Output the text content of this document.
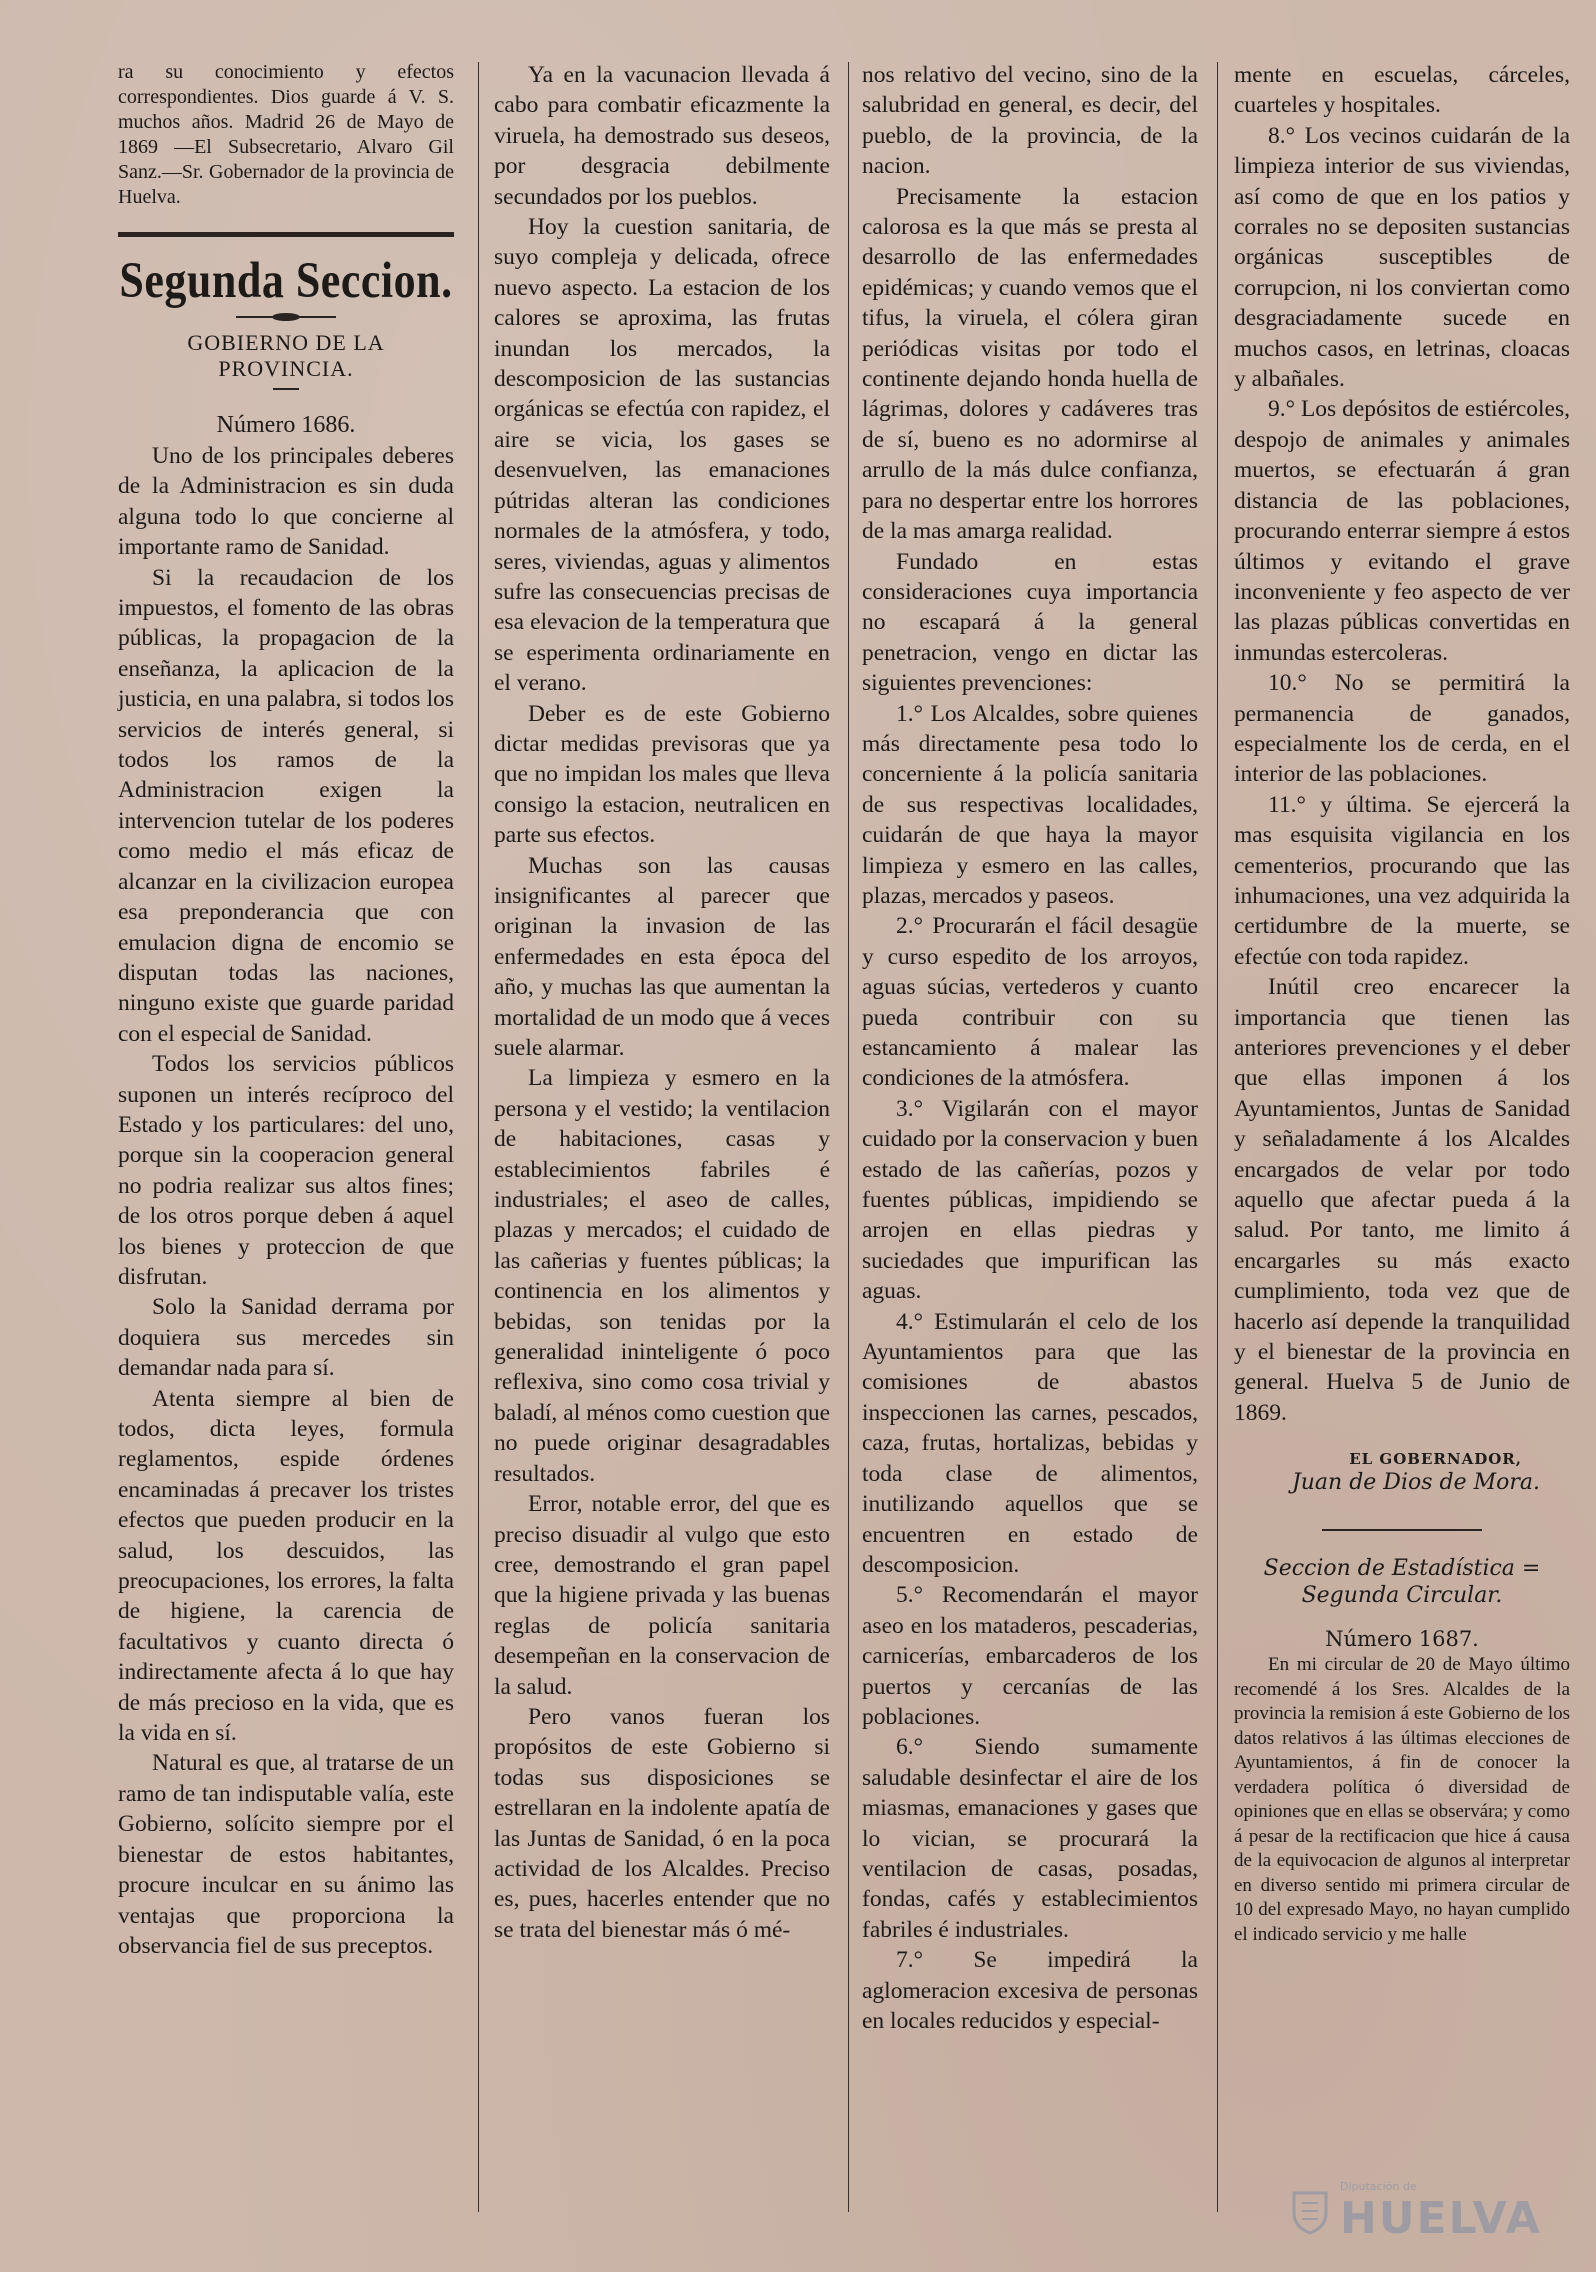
ra su conocimiento y efectos correspondientes. Dios guarde á V. S. muchos años. Madrid 26 de Mayo de 1869 —El Subsecretario, Alvaro Gil Sanz.—Sr. Gobernador de la provincia de Huelva.

Segunda Seccion.
GOBIERNO DE LA PROVINCIA.
Número 1686.

Uno de los principales deberes de la Administracion es sin duda alguna todo lo que concierne al importante ramo de Sanidad.

Si la recaudacion de los impuestos, el fomento de las obras públicas, la propagacion de la enseñanza, la aplicacion de la justicia, en una palabra, si todos los servicios de interés general, si todos los ramos de la Administracion exigen la intervencion tutelar de los poderes como medio el más eficaz de alcanzar en la civilizacion europea esa preponderancia que con emulacion digna de encomio se disputan todas las naciones, ninguno existe que guarde paridad con el especial de Sanidad.

Todos los servicios públicos suponen un interés recíproco del Estado y los particulares: del uno, porque sin la cooperacion general no podria realizar sus altos fines; de los otros porque deben á aquel los bienes y proteccion de que disfrutan.

Solo la Sanidad derrama por doquiera sus mercedes sin demandar nada para sí.

Atenta siempre al bien de todos, dicta leyes, formula reglamentos, espide órdenes encaminadas á precaver los tristes efectos que pueden producir en la salud, los descuidos, las preocupaciones, los errores, la falta de higiene, la carencia de facultativos y cuanto directa ó indirectamente afecta á lo que hay de más precioso en la vida, que es la vida en sí.

Natural es que, al tratarse de un ramo de tan indisputable valía, este Gobierno, solícito siempre por el bienestar de estos habitantes, procure inculcar en su ánimo las ventajas que proporciona la observancia fiel de sus preceptos.

Ya en la vacunacion llevada á cabo para combatir eficazmente la viruela, ha demostrado sus deseos, por desgracia debilmente secundados por los pueblos.

Hoy la cuestion sanitaria, de suyo compleja y delicada, ofrece nuevo aspecto. La estacion de los calores se aproxima, las frutas inundan los mercados, la descomposicion de las sustancias orgánicas se efectúa con rapidez, el aire se vicia, los gases se desenvuelven, las emanaciones pútridas alteran las condiciones normales de la atmósfera, y todo, seres, viviendas, aguas y alimentos sufre las consecuencias precisas de esa elevacion de la temperatura que se esperimenta ordinariamente en el verano.

Deber es de este Gobierno dictar medidas previsoras que ya que no impidan los males que lleva consigo la estacion, neutralicen en parte sus efectos.

Muchas son las causas insignificantes al parecer que originan la invasion de las enfermedades en esta época del año, y muchas las que aumentan la mortalidad de un modo que á veces suele alarmar.

La limpieza y esmero en la persona y el vestido; la ventilacion de habitaciones, casas y establecimientos fabriles é industriales; el aseo de calles, plazas y mercados; el cuidado de las cañerias y fuentes públicas; la continencia en los alimentos y bebidas, son tenidas por la generalidad ininteligente ó poco reflexiva, sino como cosa trivial y baladí, al ménos como cuestion que no puede originar desagradables resultados.

Error, notable error, del que es preciso disuadir al vulgo que esto cree, demostrando el gran papel que la higiene privada y las buenas reglas de policía sanitaria desempeñan en la conservacion de la salud.

Pero vanos fueran los propósitos de este Gobierno si todas sus disposiciones se estrellaran en la indolente apatía de las Juntas de Sanidad, ó en la poca actividad de los Alcaldes. Preciso es, pues, hacerles entender que no se trata del bienestar más ó mé-

nos relativo del vecino, sino de la salubridad en general, es decir, del pueblo, de la provincia, de la nacion.

Precisamente la estacion calorosa es la que más se presta al desarrollo de las enfermedades epidémicas; y cuando vemos que el tifus, la viruela, el cólera giran periódicas visitas por todo el continente dejando honda huella de lágrimas, dolores y cadáveres tras de sí, bueno es no adormirse al arrullo de la más dulce confianza, para no despertar entre los horrores de la mas amarga realidad.

Fundado en estas consideraciones cuya importancia no escapará á la general penetracion, vengo en dictar las siguientes prevenciones:

1.° Los Alcaldes, sobre quienes más directamente pesa todo lo concerniente á la policía sanitaria de sus respectivas localidades, cuidarán de que haya la mayor limpieza y esmero en las calles, plazas, mercados y paseos.

2.° Procurarán el fácil desagüe y curso espedito de los arroyos, aguas súcias, vertederos y cuanto pueda contribuir con su estancamiento á malear las condiciones de la atmósfera.

3.° Vigilarán con el mayor cuidado por la conservacion y buen estado de las cañerías, pozos y fuentes públicas, impidiendo se arrojen en ellas piedras y suciedades que impurifican las aguas.

4.° Estimularán el celo de los Ayuntamientos para que las comisiones de abastos inspeccionen las carnes, pescados, caza, frutas, hortalizas, bebidas y toda clase de alimentos, inutilizando aquellos que se encuentren en estado de descomposicion.

5.° Recomendarán el mayor aseo en los mataderos, pescaderias, carnicerías, embarcaderos de los puertos y cercanías de las poblaciones.

6.° Siendo sumamente saludable desinfectar el aire de los miasmas, emanaciones y gases que lo vician, se procurará la ventilacion de casas, posadas, fondas, cafés y establecimientos fabriles é industriales.

7.° Se impedirá la aglomeracion excesiva de personas en locales reducidos y especial-

mente en escuelas, cárceles, cuarteles y hospitales.

8.° Los vecinos cuidarán de la limpieza interior de sus viviendas, así como de que en los patios y corrales no se depositen sustancias orgánicas susceptibles de corrupcion, ni los conviertan como desgraciadamente sucede en muchos casos, en letrinas, cloacas y albañales.

9.° Los depósitos de estiércoles, despojo de animales y animales muertos, se efectuarán á gran distancia de las poblaciones, procurando enterrar siempre á estos últimos y evitando el grave inconveniente y feo aspecto de ver las plazas públicas convertidas en inmundas estercoleras.

10.° No se permitirá la permanencia de ganados, especialmente los de cerda, en el interior de las poblaciones.

11.° y última. Se ejercerá la mas esquisita vigilancia en los cementerios, procurando que las inhumaciones, una vez adquirida la certidumbre de la muerte, se efectúe con toda rapidez.

Inútil creo encarecer la importancia que tienen las anteriores prevenciones y el deber que ellas imponen á los Ayuntamientos, Juntas de Sanidad y señaladamente á los Alcaldes encargados de velar por todo aquello que afectar pueda á la salud. Por tanto, me limito á encargarles su más exacto cumplimiento, toda vez que de hacerlo así depende la tranquilidad y el bienestar de la provincia en general. Huelva 5 de Junio de 1869.

EL GOBERNADOR,
Juan de Dios de Mora.
Seccion de Estadística = Segunda Circular.
Número 1687.

En mi circular de 20 de Mayo último recomendé á los Sres. Alcaldes de la provincia la remision á este Gobierno de los datos relativos á las últimas elecciones de Ayuntamientos, á fin de conocer la verdadera política ó diversidad de opiniones que en ellas se observára; y como á pesar de la rectificacion que hice á causa de la equivocacion de algunos al interpretar en diverso sentido mi primera circular de 10 del expresado Mayo, no hayan cumplido el indicado servicio y me halle

Diputación de
HUELVA
